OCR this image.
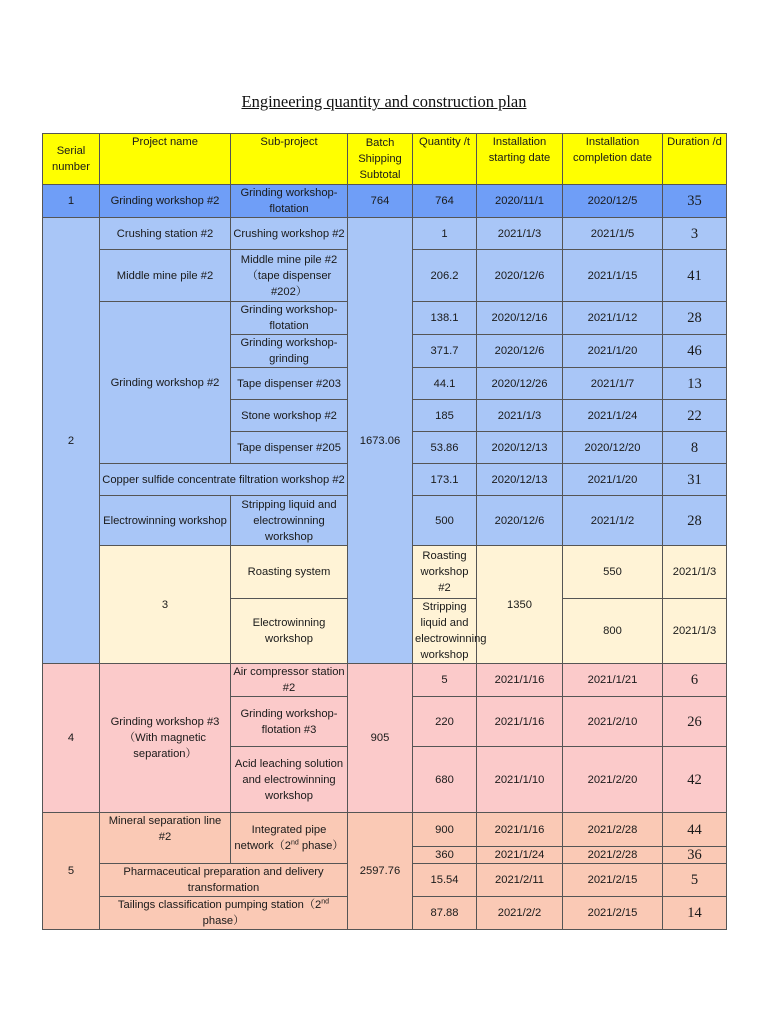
Engineering quantity and construction plan
Serial number	Project name	Sub-project	Batch Shipping Subtotal	Quantity /t	Installation starting date	Installation completion date	Duration /d	
1	Grinding workshop #2	Grinding workshop-flotation	764	764	2020/11/1	2020/12/5	35	
2	Crushing station #2	Crushing workshop #2	1673.06	1	2021/1/3	2021/1/5	3	
	Middle mine pile #2	Middle mine pile #2（tape dispenser #202）		206.2	2020/12/6	2021/1/15	41	
	Grinding workshop #2	Grinding workshop-flotation		138.1	2020/12/16	2021/1/12	28	
		Grinding workshop-grinding		371.7	2020/12/6	2021/1/20	46	
		Tape dispenser #203		44.1	2020/12/26	2021/1/7	13	
		Stone workshop #2		185	2021/1/3	2021/1/24	22	
		Tape dispenser #205		53.86	2020/12/13	2020/12/20	8	
	Copper sulfide concentrate filtration workshop #2			173.1	2020/12/13	2021/1/20	31	
	Electrowinning workshop	Stripping liquid and electrowinning workshop		500	2020/12/6	2021/1/2	28	
	3	Roasting system		Roasting workshop #2	1350	550	2021/1/3		
		Electrowinning workshop		Stripping liquid and electrowinning workshop		800	2021/1/3		
4	Grinding workshop #3（With magnetic separation）	Air compressor station #2	905	5	2021/1/16	2021/1/21	6	
		Grinding workshop-flotation #3		220	2021/1/16	2021/2/10	26	
		Acid leaching solution and electrowinning workshop		680	2021/1/10	2021/2/20	42	
5	Mineral separation line #2	Integrated pipe network（2nd phase）	2597.76	900	2021/1/16	2021/2/28	44	
				360	2021/1/24	2021/2/28	36	
	Pharmaceutical preparation and delivery transformation			15.54	2021/2/11	2021/2/15	5	
	Tailings classification pumping station（2nd phase）			87.88	2021/2/2	2021/2/15	14	
